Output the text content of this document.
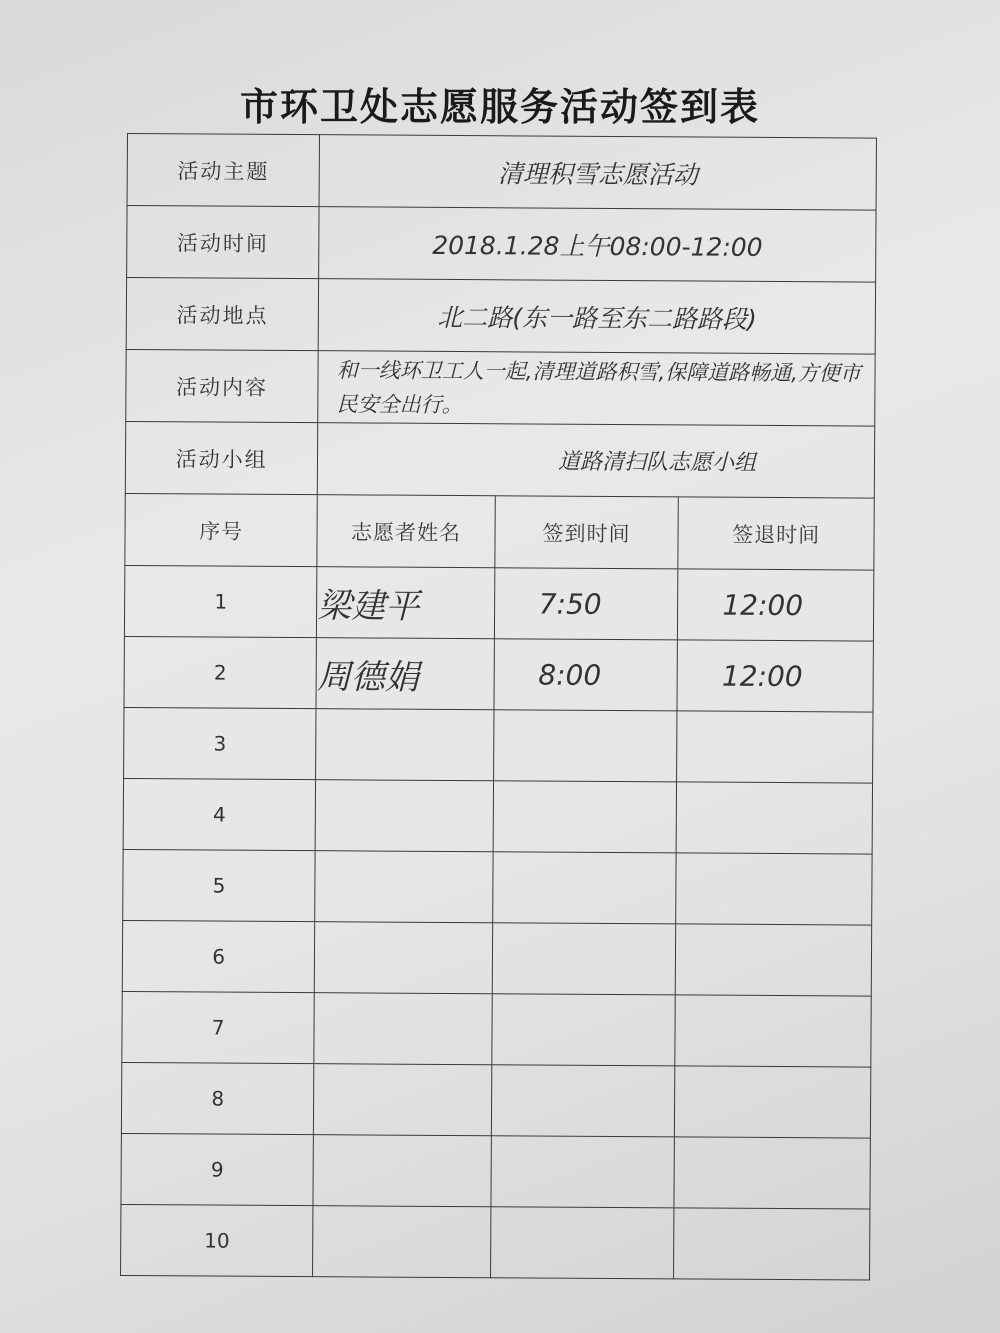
市环卫处志愿服务活动签到表
活动主题	清理积雪志愿活动		
活动时间	2018.1.28上午08:00-12:00		
活动地点	北二路(东一路至东二路路段)		
活动内容	和一线环卫工人一起,清理道路积雪,保障道路畅通,方便市民安全出行。		
活动小组	道路清扫队志愿小组		
序号	志愿者姓名	签到时间	签退时间
1	梁建平	7:50	12:00
2	周德娟	8:00	12:00
3			
4			
5			
6			
7			
8			
9			
10			
